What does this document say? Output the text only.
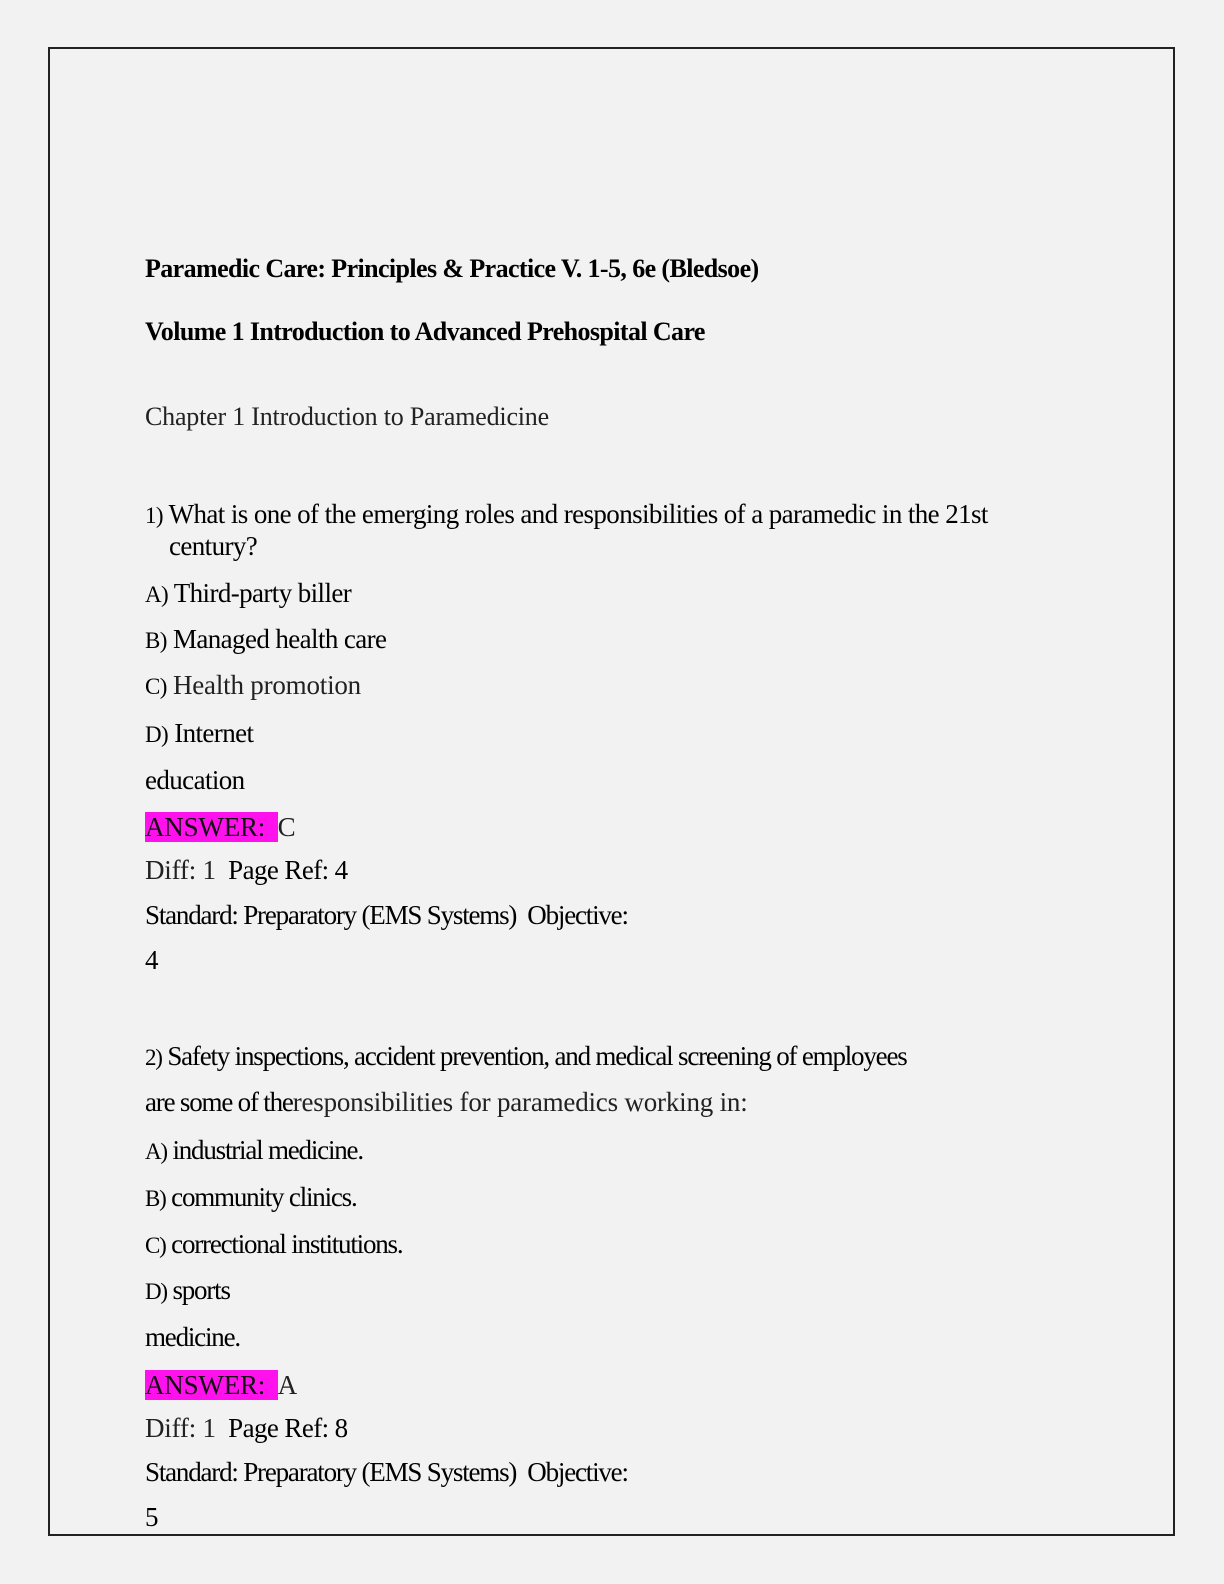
Paramedic Care: Principles & Practice V. 1-5, 6e (Bledsoe)
Volume 1 Introduction to Advanced Prehospital Care
Chapter 1 Introduction to Paramedicine
1) What is one of the emerging roles and responsibilities of a paramedic in the 21st
century?
A) Third-party biller
B) Managed health care
C) Health promotion
D) Internet
education
ANSWER: C
Diff: 1 Page Ref: 4
Standard: Preparatory (EMS Systems) Objective:
4
2) Safety inspections, accident prevention, and medical screening of employees
are some of theresponsibilities for paramedics working in:
A) industrial medicine.
B) community clinics.
C) correctional institutions.
D) sports
medicine.
ANSWER: A
Diff: 1 Page Ref: 8
Standard: Preparatory (EMS Systems) Objective:
5
